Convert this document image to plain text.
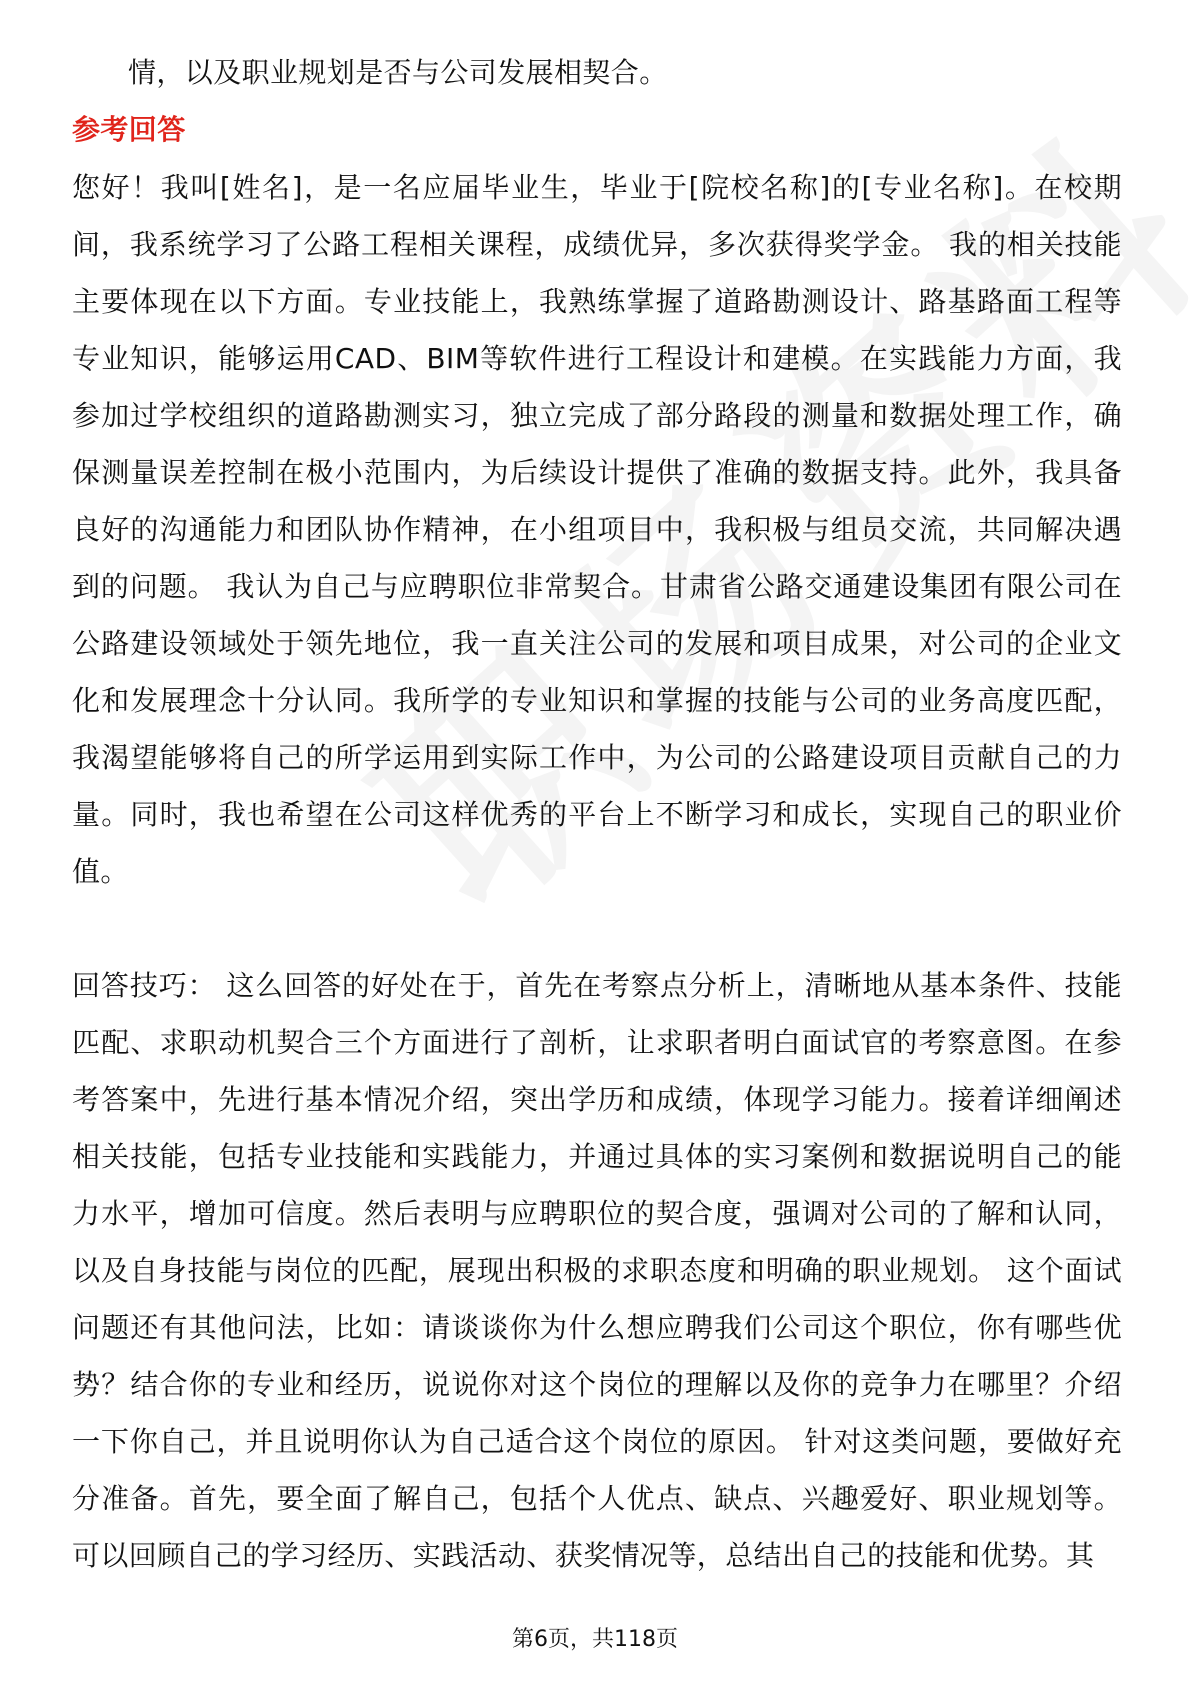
情，以及职业规划是否与公司发展相契合。

参考回答

您好！我叫[姓名]，是一名应届毕业生，毕业于[院校名称]的[专业名称]。在校期间，我系统学习了公路工程相关课程，成绩优异，多次获得奖学金。 我的相关技能主要体现在以下方面。专业技能上，我熟练掌握了道路勘测设计、路基路面工程等专业知识，能够运用CAD、BIM等软件进行工程设计和建模。在实践能力方面，我参加过学校组织的道路勘测实习，独立完成了部分路段的测量和数据处理工作，确保测量误差控制在极小范围内，为后续设计提供了准确的数据支持。此外，我具备良好的沟通能力和团队协作精神，在小组项目中，我积极与组员交流，共同解决遇到的问题。 我认为自己与应聘职位非常契合。甘肃省公路交通建设集团有限公司在公路建设领域处于领先地位，我一直关注公司的发展和项目成果，对公司的企业文化和发展理念十分认同。我所学的专业知识和掌握的技能与公司的业务高度匹配，我渴望能够将自己的所学运用到实际工作中，为公司的公路建设项目贡献自己的力量。同时，我也希望在公司这样优秀的平台上不断学习和成长，实现自己的职业价值。

回答技巧： 这么回答的好处在于，首先在考察点分析上，清晰地从基本条件、技能匹配、求职动机契合三个方面进行了剖析，让求职者明白面试官的考察意图。在参考答案中，先进行基本情况介绍，突出学历和成绩，体现学习能力。接着详细阐述相关技能，包括专业技能和实践能力，并通过具体的实习案例和数据说明自己的能力水平，增加可信度。然后表明与应聘职位的契合度，强调对公司的了解和认同，以及自身技能与岗位的匹配，展现出积极的求职态度和明确的职业规划。 这个面试问题还有其他问法，比如：请谈谈你为什么想应聘我们公司这个职位，你有哪些优势？结合你的专业和经历，说说你对这个岗位的理解以及你的竞争力在哪里？介绍一下你自己，并且说明你认为自己适合这个岗位的原因。 针对这类问题，要做好充分准备。首先，要全面了解自己，包括个人优点、缺点、兴趣爱好、职业规划等。可以回顾自己的学习经历、实践活动、获奖情况等，总结出自己的技能和优势。其

第6页，共118页
